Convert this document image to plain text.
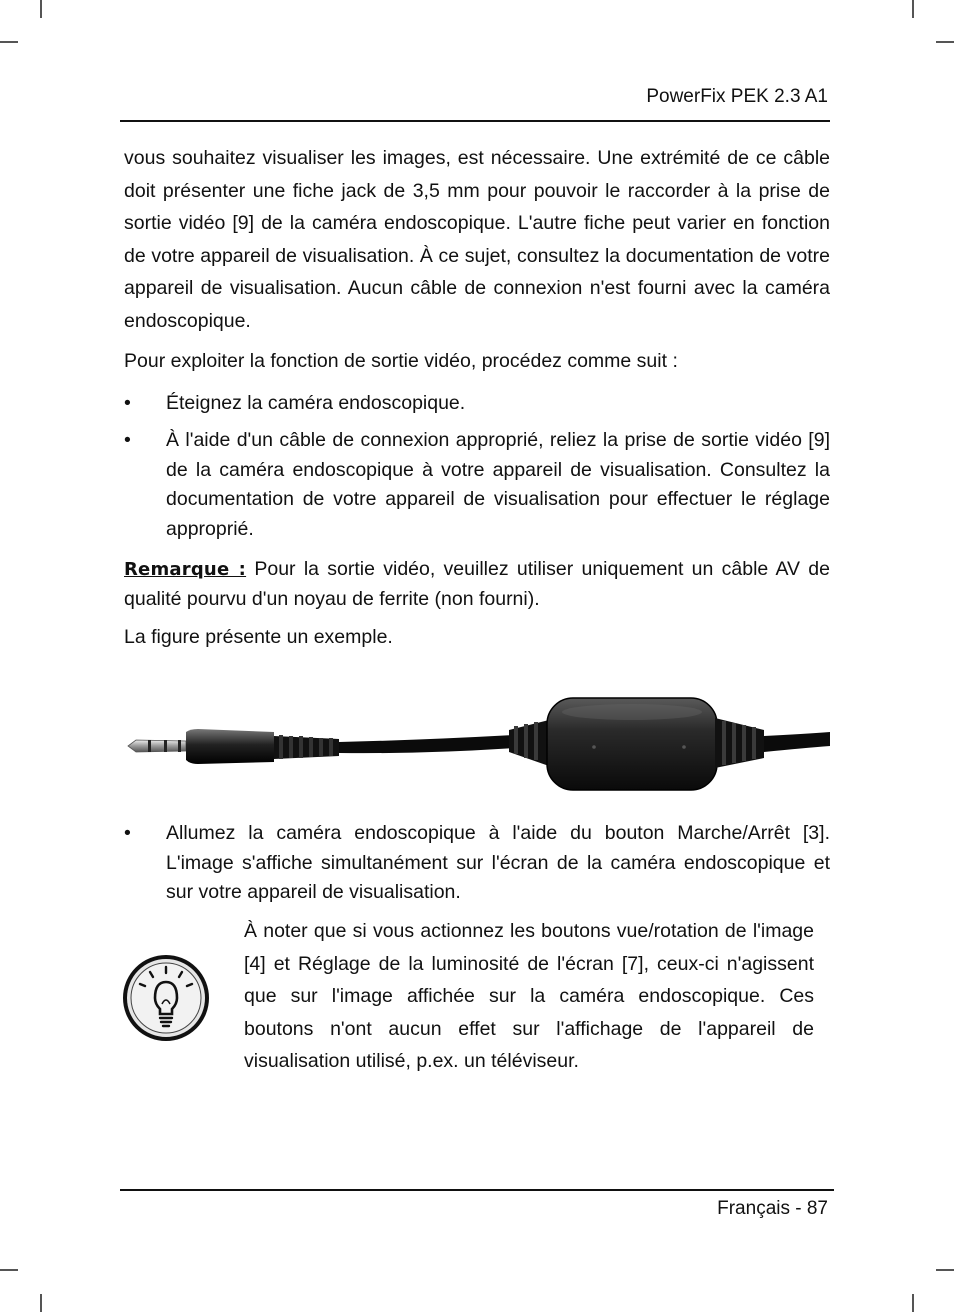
PowerFix PEK 2.3 A1

vous souhaitez visualiser les images, est nécessaire. Une extrémité de ce câble doit présenter une fiche jack de 3,5 mm pour pouvoir le raccorder à la prise de sortie vidéo [9] de la caméra endoscopique. L'autre fiche peut varier en fonction de votre appareil de visualisation. À ce sujet, consultez la documentation de votre appareil de visualisation. Aucun câble de connexion n'est fourni avec la caméra endoscopique.

Pour exploiter la fonction de sortie vidéo, procédez comme suit :

•	Éteignez la caméra endoscopique.
•	À l'aide d'un câble de connexion approprié, reliez la prise de sortie vidéo [9] de la caméra endoscopique à votre appareil de visualisation. Consultez la documentation de votre appareil de visualisation pour effectuer le réglage approprié.

Remarque : Pour la sortie vidéo, veuillez utiliser uniquement un câble AV de qualité pourvu d'un noyau de ferrite (non fourni).

La figure présente un exemple.

•	Allumez la caméra endoscopique à l'aide du bouton Marche/Arrêt [3]. L'image s'affiche simultanément sur l'écran de la caméra endoscopique et sur votre appareil de visualisation.
À noter que si vous actionnez les boutons vue/rotation de l'image [4] et Réglage de la luminosité de l'écran [7], ceux-ci n'agissent que sur l'image affichée sur la caméra endoscopique. Ces boutons n'ont aucun effet sur l'affichage de l'appareil de visualisation utilisé, p.ex. un téléviseur.
Français - 87
